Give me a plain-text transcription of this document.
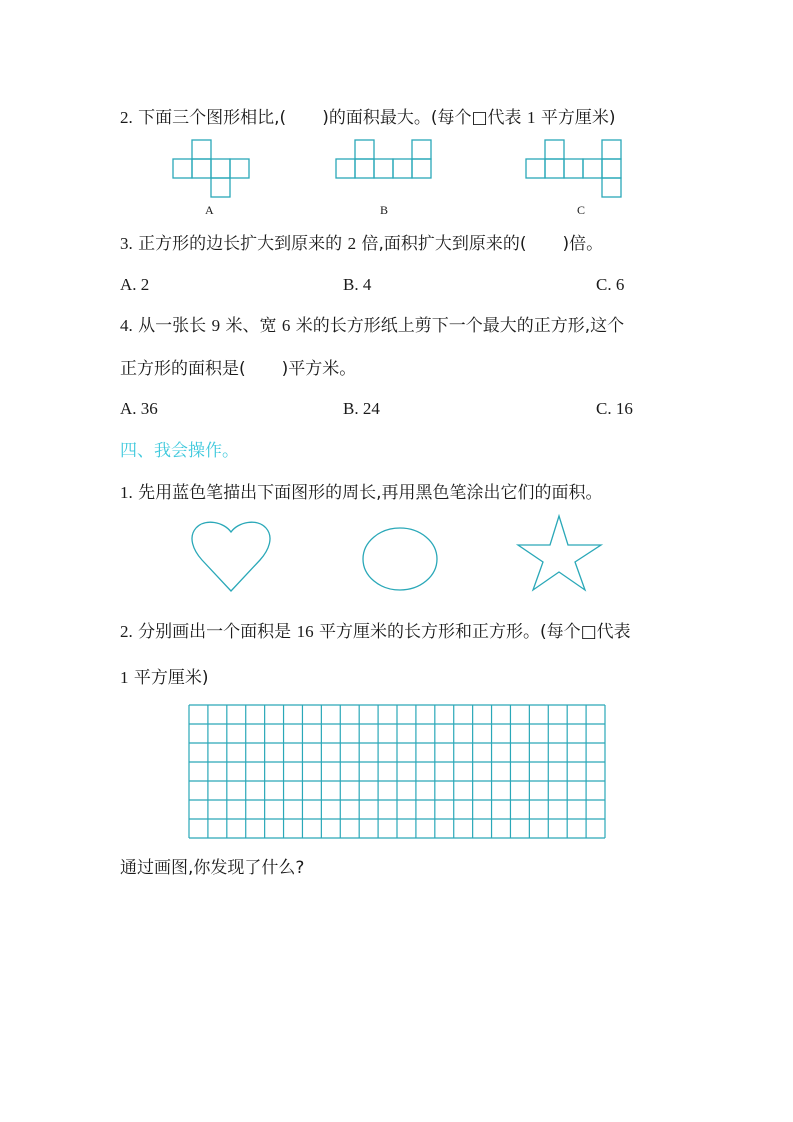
2. 下面三个图形相比,( )的面积最大。(每个□代表 1 平方厘米)
A	B	C
3. 正方形的边长扩大到原来的 2 倍,面积扩大到原来的( )倍。
A. 2	B. 4	C. 6
4. 从一张长 9 米、宽 6 米的长方形纸上剪下一个最大的正方形,这个
正方形的面积是( )平方米。
A. 36	B. 24	C. 16
四、我会操作。
1. 先用蓝色笔描出下面图形的周长,再用黑色笔涂出它们的面积。
2. 分别画出一个面积是 16 平方厘米的长方形和正方形。(每个□代表
1 平方厘米)
通过画图,你发现了什么?
